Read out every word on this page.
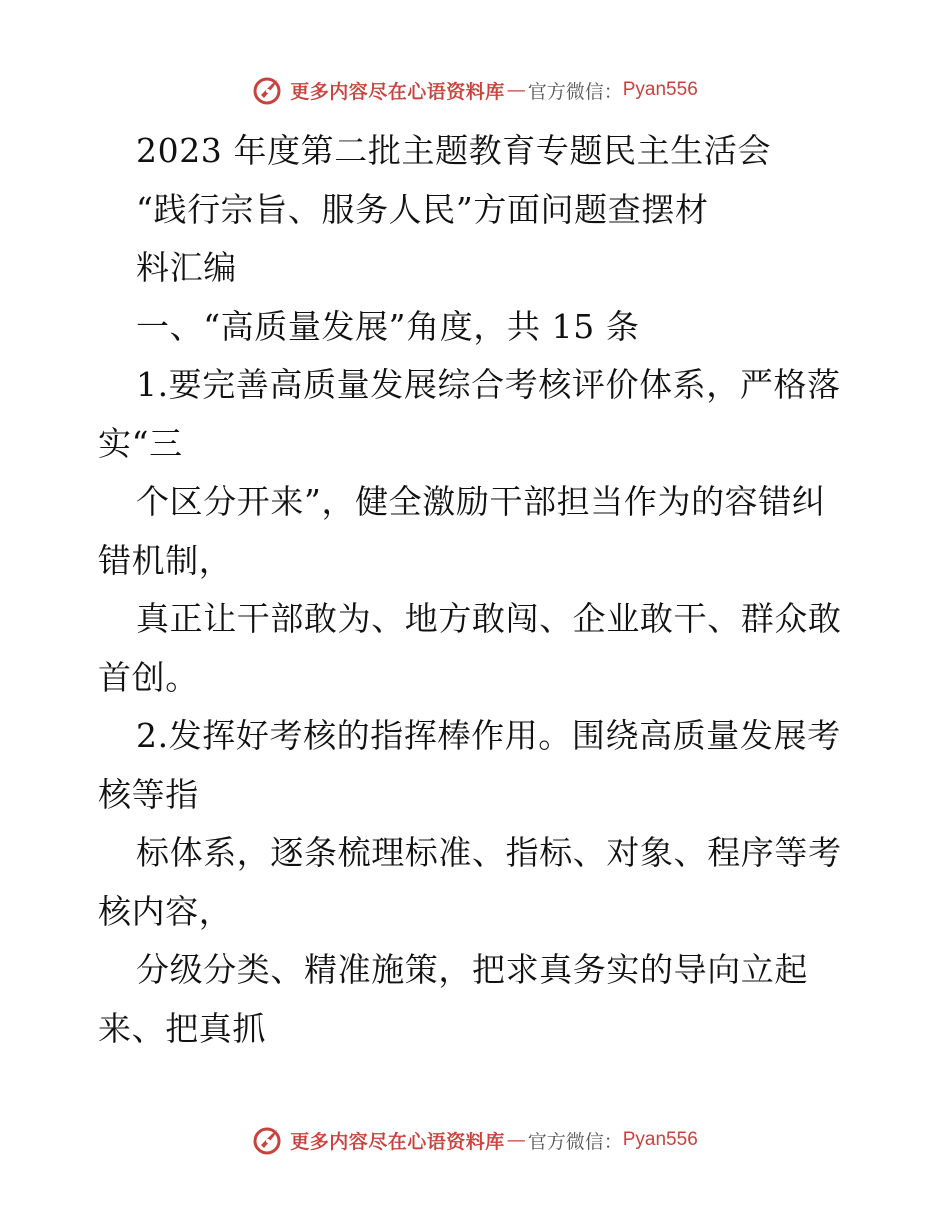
更多内容尽在心语资料库 — 官方微信： Pyan556
2023 年度第二批主题教育专题民主生活会
“践行宗旨、服务人民”方面问题查摆材
料汇编
一、“高质量发展”角度，共 15 条
1.要完善高质量发展综合考核评价体系，严格落
实“三
个区分开来”，健全激励干部担当作为的容错纠
错机制，
真正让干部敢为、地方敢闯、企业敢干、群众敢
首创。
2.发挥好考核的指挥棒作用。围绕高质量发展考
核等指
标体系，逐条梳理标准、指标、对象、程序等考
核内容，
分级分类、精准施策，把求真务实的导向立起
来、把真抓
更多内容尽在心语资料库 — 官方微信： Pyan556
